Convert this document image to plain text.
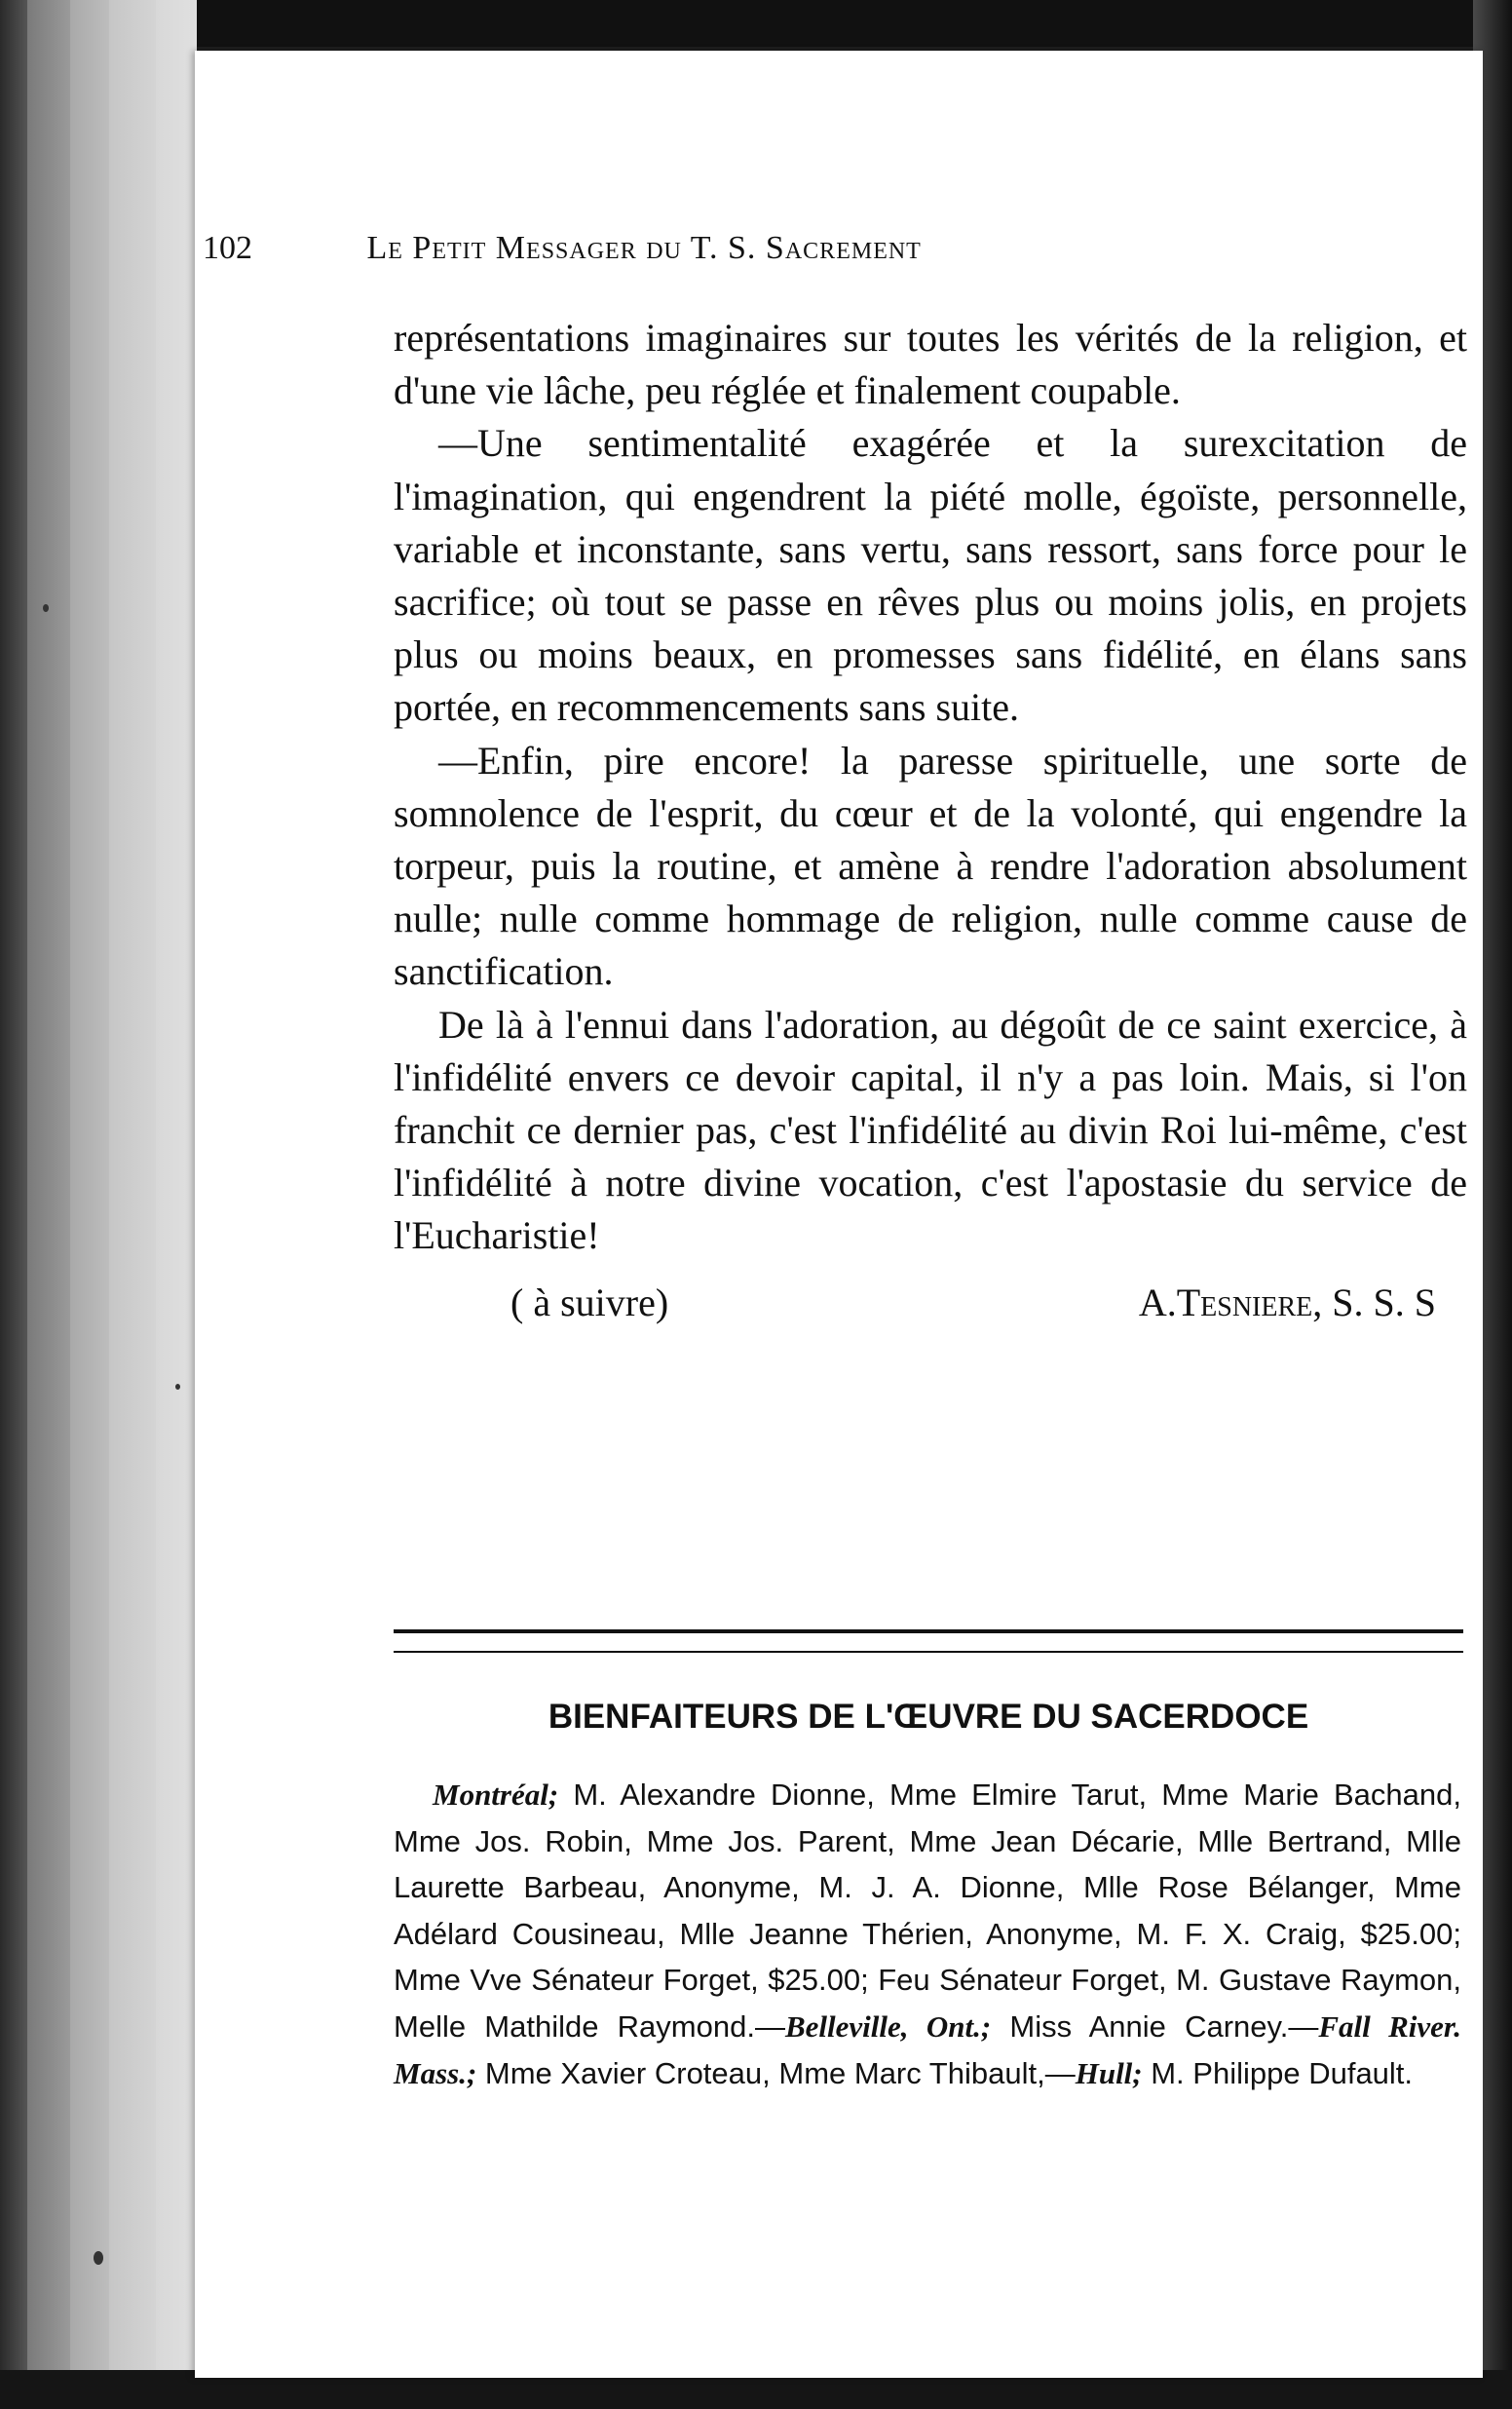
102	Le Petit Messager du T. S. Sacrement

représentations imaginaires sur toutes les vérités de la religion, et d'une vie lâche, peu réglée et finalement coupable.

—Une sentimentalité exagérée et la surexcitation de l'imagination, qui engendrent la piété molle, égoïste, personnelle, variable et inconstante, sans vertu, sans ressort, sans force pour le sacrifice; où tout se passe en rêves plus ou moins jolis, en projets plus ou moins beaux, en promesses sans fidélité, en élans sans portée, en recommencements sans suite.

—Enfin, pire encore! la paresse spirituelle, une sorte de somnolence de l'esprit, du cœur et de la volonté, qui engendre la torpeur, puis la routine, et amène à rendre l'adoration absolument nulle; nulle comme hommage de religion, nulle comme cause de sanctification.

De là à l'ennui dans l'adoration, au dégoût de ce saint exercice, à l'infidélité envers ce devoir capital, il n'y a pas loin. Mais, si l'on franchit ce dernier pas, c'est l'infidélité au divin Roi lui-même, c'est l'infidélité à notre divine vocation, c'est l'apostasie du service de l'Eucharistie!

( à suivre)	A.Tesniere, S. S. S
BIENFAITEURS DE L'ŒUVRE DU SACERDOCE
Montréal; M. Alexandre Dionne, Mme Elmire Tarut, Mme Marie Bachand, Mme Jos. Robin, Mme Jos. Parent, Mme Jean Décarie, Mlle Bertrand, Mlle Laurette Barbeau, Anonyme, M. J. A. Dionne, Mlle Rose Bélanger, Mme Adélard Cousineau, Mlle Jeanne Thérien, Anonyme, M. F. X. Craig, $25.00; Mme Vve Sénateur Forget, $25.00; Feu Sénateur Forget, M. Gustave Raymon, Melle Mathilde Raymond.—Belleville, Ont.; Miss Annie Carney.—Fall River. Mass.; Mme Xavier Croteau, Mme Marc Thibault,—Hull; M. Philippe Dufault.
